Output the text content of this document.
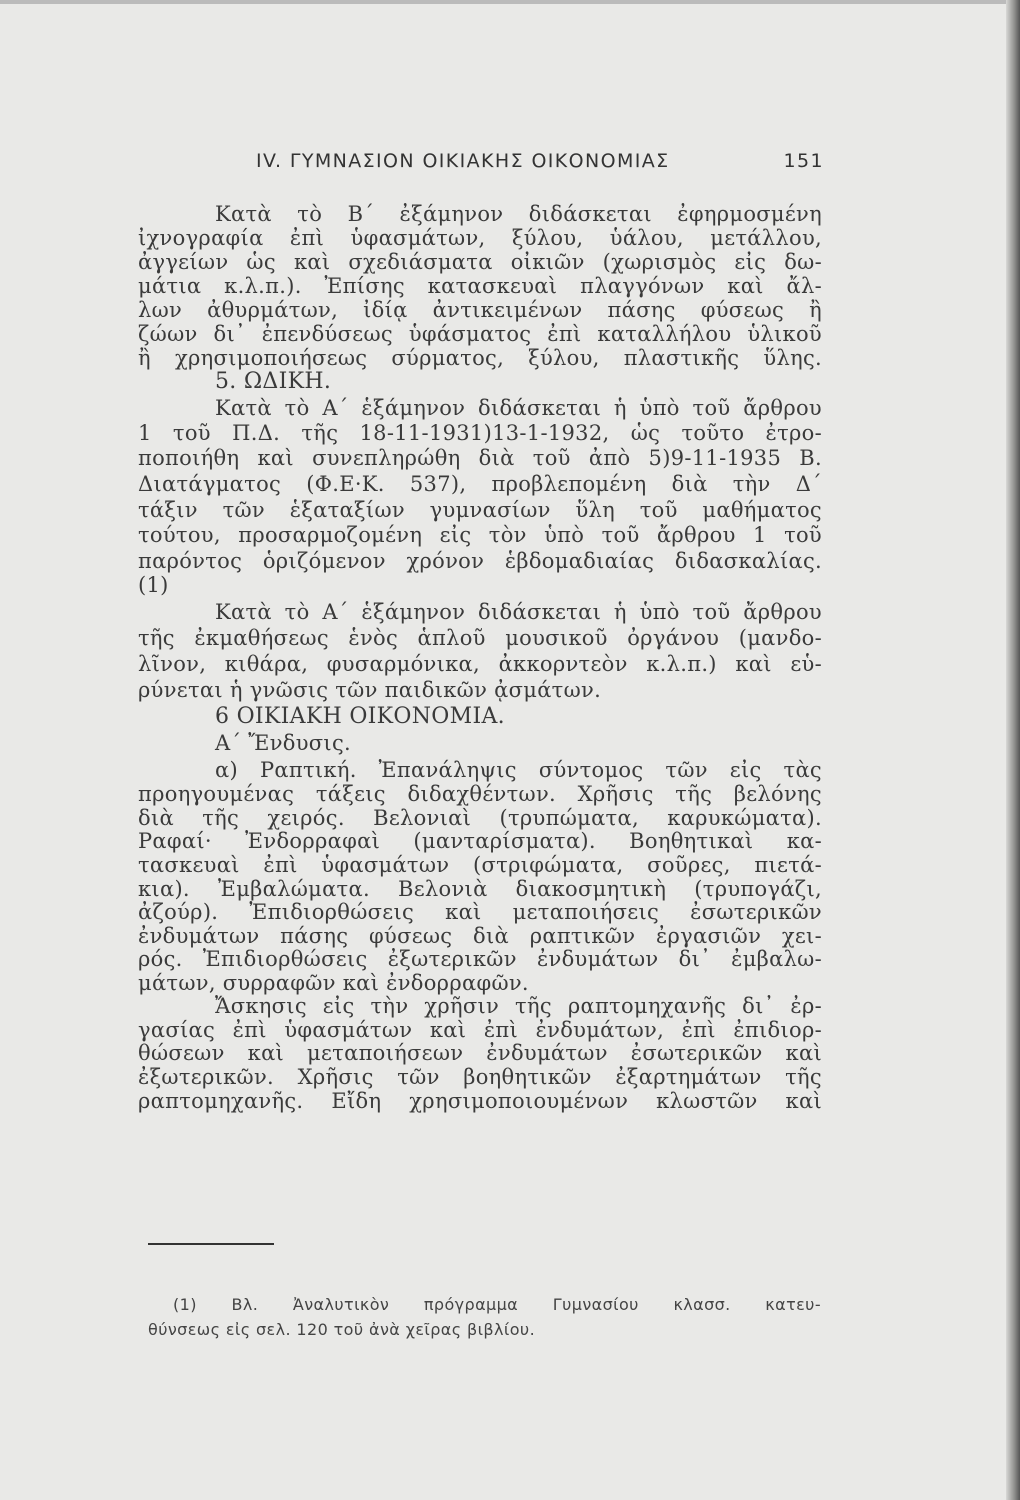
IV. ΓΥΜΝΑΣΙΟΝ ΟΙΚΙΑΚΗΣ ΟΙΚΟΝΟΜΙΑΣ	151
Κατὰ τὸ Β΄ ἐξάμηνον διδάσκεται ἐφηρμοσμένη
ἰχνογραφία ἐπὶ ὑφασμάτων, ξύλου, ὑάλου, μετάλλου,
ἀγγείων ὡς καὶ σχεδιάσματα οἰκιῶν (χωρισμὸς εἰς δω-
μάτια κ.λ.π.). Ἐπίσης κατασκευαὶ πλαγγόνων καὶ ἄλ-
λων ἀθυρμάτων, ἰδίᾳ ἀντικειμένων πάσης φύσεως ἢ
ζώων δι᾽ ἐπενδύσεως ὑφάσματος ἐπὶ καταλλήλου ὑλικοῦ
ἢ χρησιμοποιήσεως σύρματος, ξύλου, πλαστικῆς ὕλης.
5. ΩΔΙΚΗ.
Κατὰ τὸ Α΄ ἑξάμηνον διδάσκεται ἡ ὑπὸ τοῦ ἄρθρου
1 τοῦ Π.Δ. τῆς 18-11-1931)13-1-1932, ὡς τοῦτο ἐτρο-
ποποιήθη καὶ συνεπληρώθη διὰ τοῦ ἀπὸ 5)9-11-1935 Β.
Διατάγματος (Φ.Ε·Κ. 537), προβλεπομένη διὰ τὴν Δ΄
τάξιν τῶν ἑξαταξίων γυμνασίων ὕλη τοῦ μαθήματος
τούτου, προσαρμοζομένη εἰς τὸν ὑπὸ τοῦ ἄρθρου 1 τοῦ
παρόντος ὁριζόμενον χρόνον ἑβδομαδιαίας διδασκαλίας.
(1)
Κατὰ τὸ Α΄ ἑξάμηνον διδάσκεται ἡ ὑπὸ τοῦ ἄρθρου
τῆς ἐκμαθήσεως ἑνὸς ἁπλοῦ μουσικοῦ ὀργάνου (μανδο-
λῖνον, κιθάρα, φυσαρμόνικα, ἀκκορντεὸν κ.λ.π.) καὶ εὑ-
ρύνεται ἡ γνῶσις τῶν παιδικῶν ᾀσμάτων.
6 ΟΙΚΙΑΚΗ ΟΙΚΟΝΟΜΙΑ.
Α΄ Ἔνδυσις.
α) Ραπτική. Ἐπανάληψις σύντομος τῶν εἰς τὰς
προηγουμένας τάξεις διδαχθέντων. Χρῆσις τῆς βελόνης
διὰ τῆς χειρός. Βελονιαὶ (τρυπώματα, καρυκώματα).
Ραφαί· Ἐνδορραφαὶ (μανταρίσματα). Βοηθητικαὶ κα-
τασκευαὶ ἐπὶ ὑφασμάτων (στριφώματα, σοῦρες, πιετά-
κια). Ἐμβαλώματα. Βελονιὰ διακοσμητικὴ (τρυπογάζι,
ἀζούρ). Ἐπιδιορθώσεις καὶ μεταποιήσεις ἐσωτερικῶν
ἐνδυμάτων πάσης φύσεως διὰ ραπτικῶν ἐργασιῶν χει-
ρός. Ἐπιδιορθώσεις ἐξωτερικῶν ἐνδυμάτων δι᾽ ἐμβαλω-
μάτων, συρραφῶν καὶ ἐνδορραφῶν.
Ἄσκησις εἰς τὴν χρῆσιν τῆς ραπτομηχανῆς δι᾽ ἐρ-
γασίας ἐπὶ ὑφασμάτων καὶ ἐπὶ ἐνδυμάτων, ἐπὶ ἐπιδιορ-
θώσεων καὶ μεταποιήσεων ἐνδυμάτων ἐσωτερικῶν καὶ
ἐξωτερικῶν. Χρῆσις τῶν βοηθητικῶν ἐξαρτημάτων τῆς
ραπτομηχανῆς. Εἴδη χρησιμοποιουμένων κλωστῶν καὶ
(1) Βλ. Ἀναλυτικὸν πρόγραμμα Γυμνασίου κλασσ. κατευ-
θύνσεως εἰς σελ. 120 τοῦ ἀνὰ χεῖρας βιβλίου.
